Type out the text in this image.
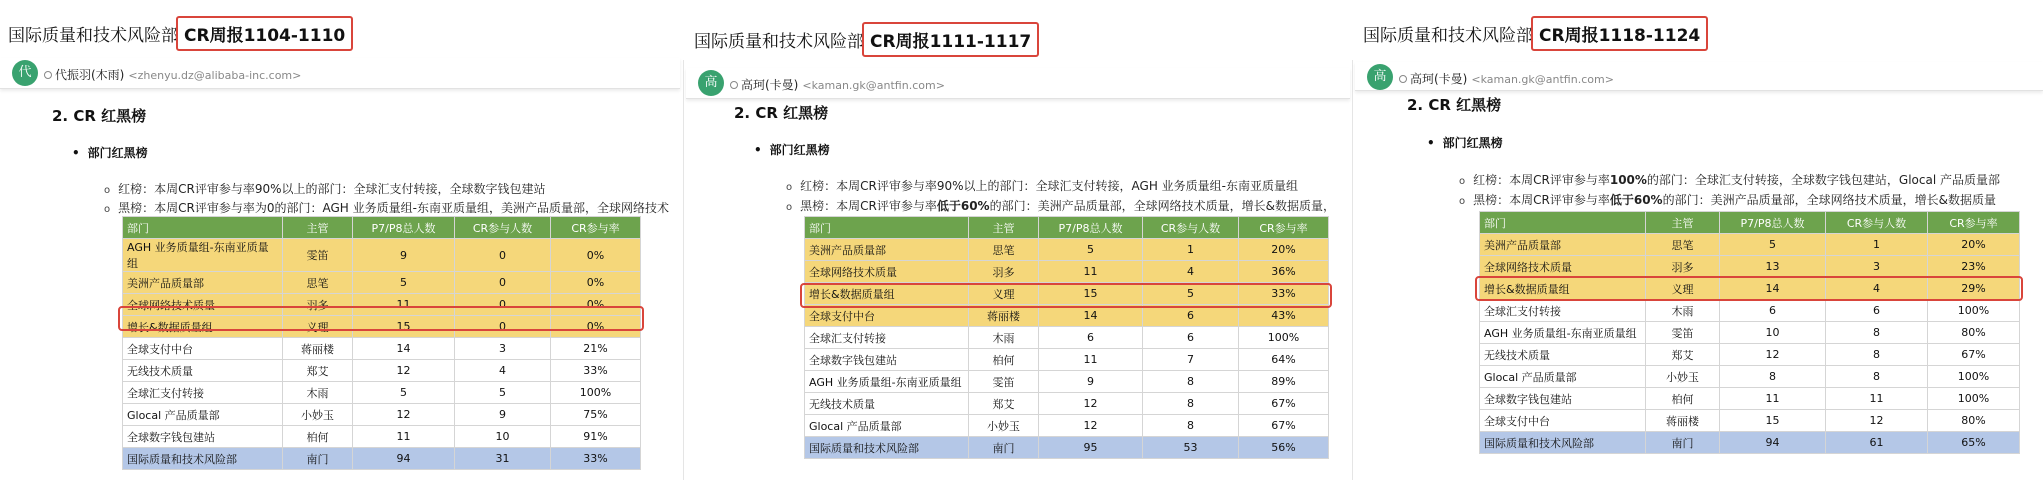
国际质量和技术风险部 CR周报1104-1110
代	代振羽(木雨) <zhenyu.dz@alibaba-inc.com>
2. CR 红黑榜
• 部门红黑榜
o 红榜：本周CR评审参与率90%以上的部门：全球汇支付转接，全球数字钱包建站
o 黑榜：本周CR评审参与率为0的部门：AGH 业务质量组-东南亚质量组，美洲产品质量部，全球网络技术
部门	主管	P7/P8总人数	CR参与人数	CR参与率
AGH 业务质量组-东南亚质量组	雯笛	9	0	0%
美洲产品质量部	思笔	5	0	0%
全球网络技术质量	羽多	11	0	0%
增长&数据质量组	义理	15	0	0%
全球支付中台	蒋丽楼	14	3	21%
无线技术质量	郑艾	12	4	33%
全球汇支付转接	木雨	5	5	100%
Glocal 产品质量部	小妙玉	12	9	75%
全球数字钱包建站	柏何	11	10	91%
国际质量和技术风险部	南门	94	31	33%
国际质量和技术风险部 CR周报1111-1117
高	高珂(卡曼) <kaman.gk@antfin.com>
2. CR 红黑榜
• 部门红黑榜
o 红榜：本周CR评审参与率90%以上的部门：全球汇支付转接，AGH 业务质量组-东南亚质量组
o 黑榜：本周CR评审参与率低于60%的部门：美洲产品质量部，全球网络技术质量，增长&数据质量，
部门	主管	P7/P8总人数	CR参与人数	CR参与率
美洲产品质量部	思笔	5	1	20%
全球网络技术质量	羽多	11	4	36%
增长&数据质量组	义理	15	5	33%
全球支付中台	蒋丽楼	14	6	43%
全球汇支付转接	木雨	6	6	100%
全球数字钱包建站	柏何	11	7	64%
AGH 业务质量组-东南亚质量组	雯笛	9	8	89%
无线技术质量	郑艾	12	8	67%
Glocal 产品质量部	小妙玉	12	8	67%
国际质量和技术风险部	南门	95	53	56%
国际质量和技术风险部 CR周报1118-1124
高	高珂(卡曼) <kaman.gk@antfin.com>
2. CR 红黑榜
• 部门红黑榜
o 红榜：本周CR评审参与率100%的部门：全球汇支付转接，全球数字钱包建站，Glocal 产品质量部
o 黑榜：本周CR评审参与率低于60%的部门：美洲产品质量部，全球网络技术质量，增长&数据质量
部门	主管	P7/P8总人数	CR参与人数	CR参与率
美洲产品质量部	思笔	5	1	20%
全球网络技术质量	羽多	13	3	23%
增长&数据质量组	义理	14	4	29%
全球汇支付转接	木雨	6	6	100%
AGH 业务质量组-东南亚质量组	雯笛	10	8	80%
无线技术质量	郑艾	12	8	67%
Glocal 产品质量部	小妙玉	8	8	100%
全球数字钱包建站	柏何	11	11	100%
全球支付中台	蒋丽楼	15	12	80%
国际质量和技术风险部	南门	94	61	65%
